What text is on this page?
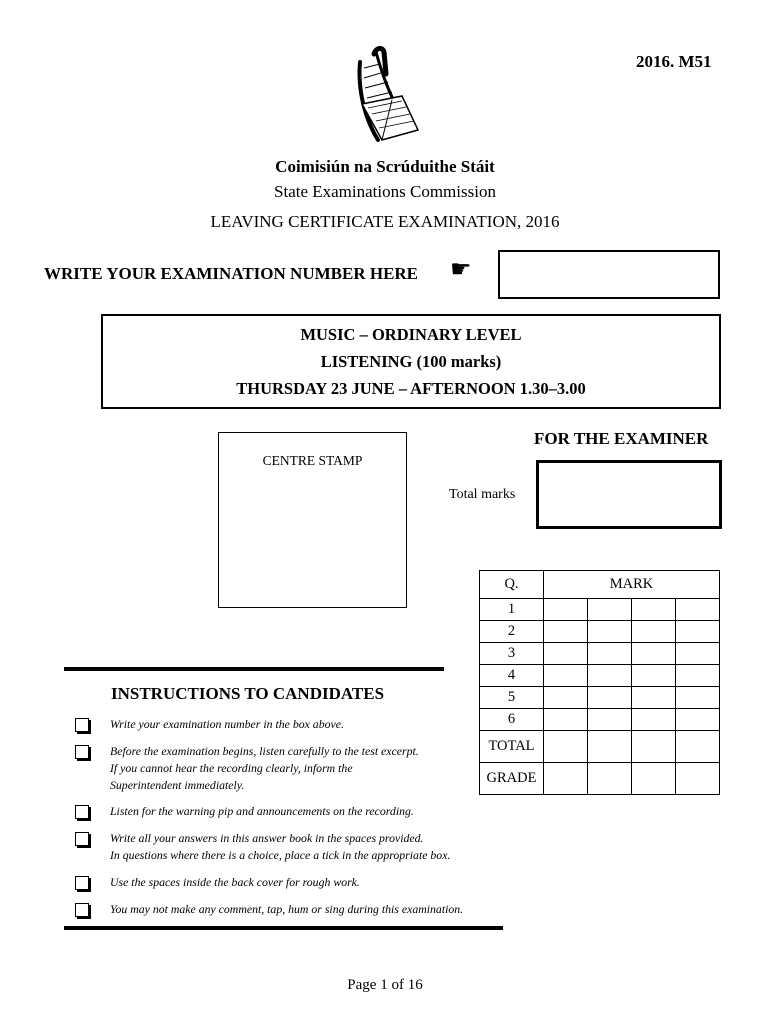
2016. M51
Coimisiún na Scrúduithe Stáit
State Examinations Commission
LEAVING CERTIFICATE EXAMINATION, 2016
WRITE YOUR EXAMINATION NUMBER HERE ☛
MUSIC – ORDINARY LEVEL
LISTENING (100 marks)
THURSDAY 23 JUNE – AFTERNOON 1.30–3.00
CENTRE STAMP
FOR THE EXAMINER
Total marks
Q.	MARK			
1				
2				
3				
4				
5				
6				
TOTAL				
GRADE				
INSTRUCTIONS TO CANDIDATES
Write your examination number in the box above.
Before the examination begins, listen carefully to the test excerpt.
If you cannot hear the recording clearly, inform the
Superintendent immediately.
Listen for the warning pip and announcements on the recording.
Write all your answers in this answer book in the spaces provided.
In questions where there is a choice, place a tick in the appropriate box.
Use the spaces inside the back cover for rough work.
You may not make any comment, tap, hum or sing during this examination.
Page 1 of 16
